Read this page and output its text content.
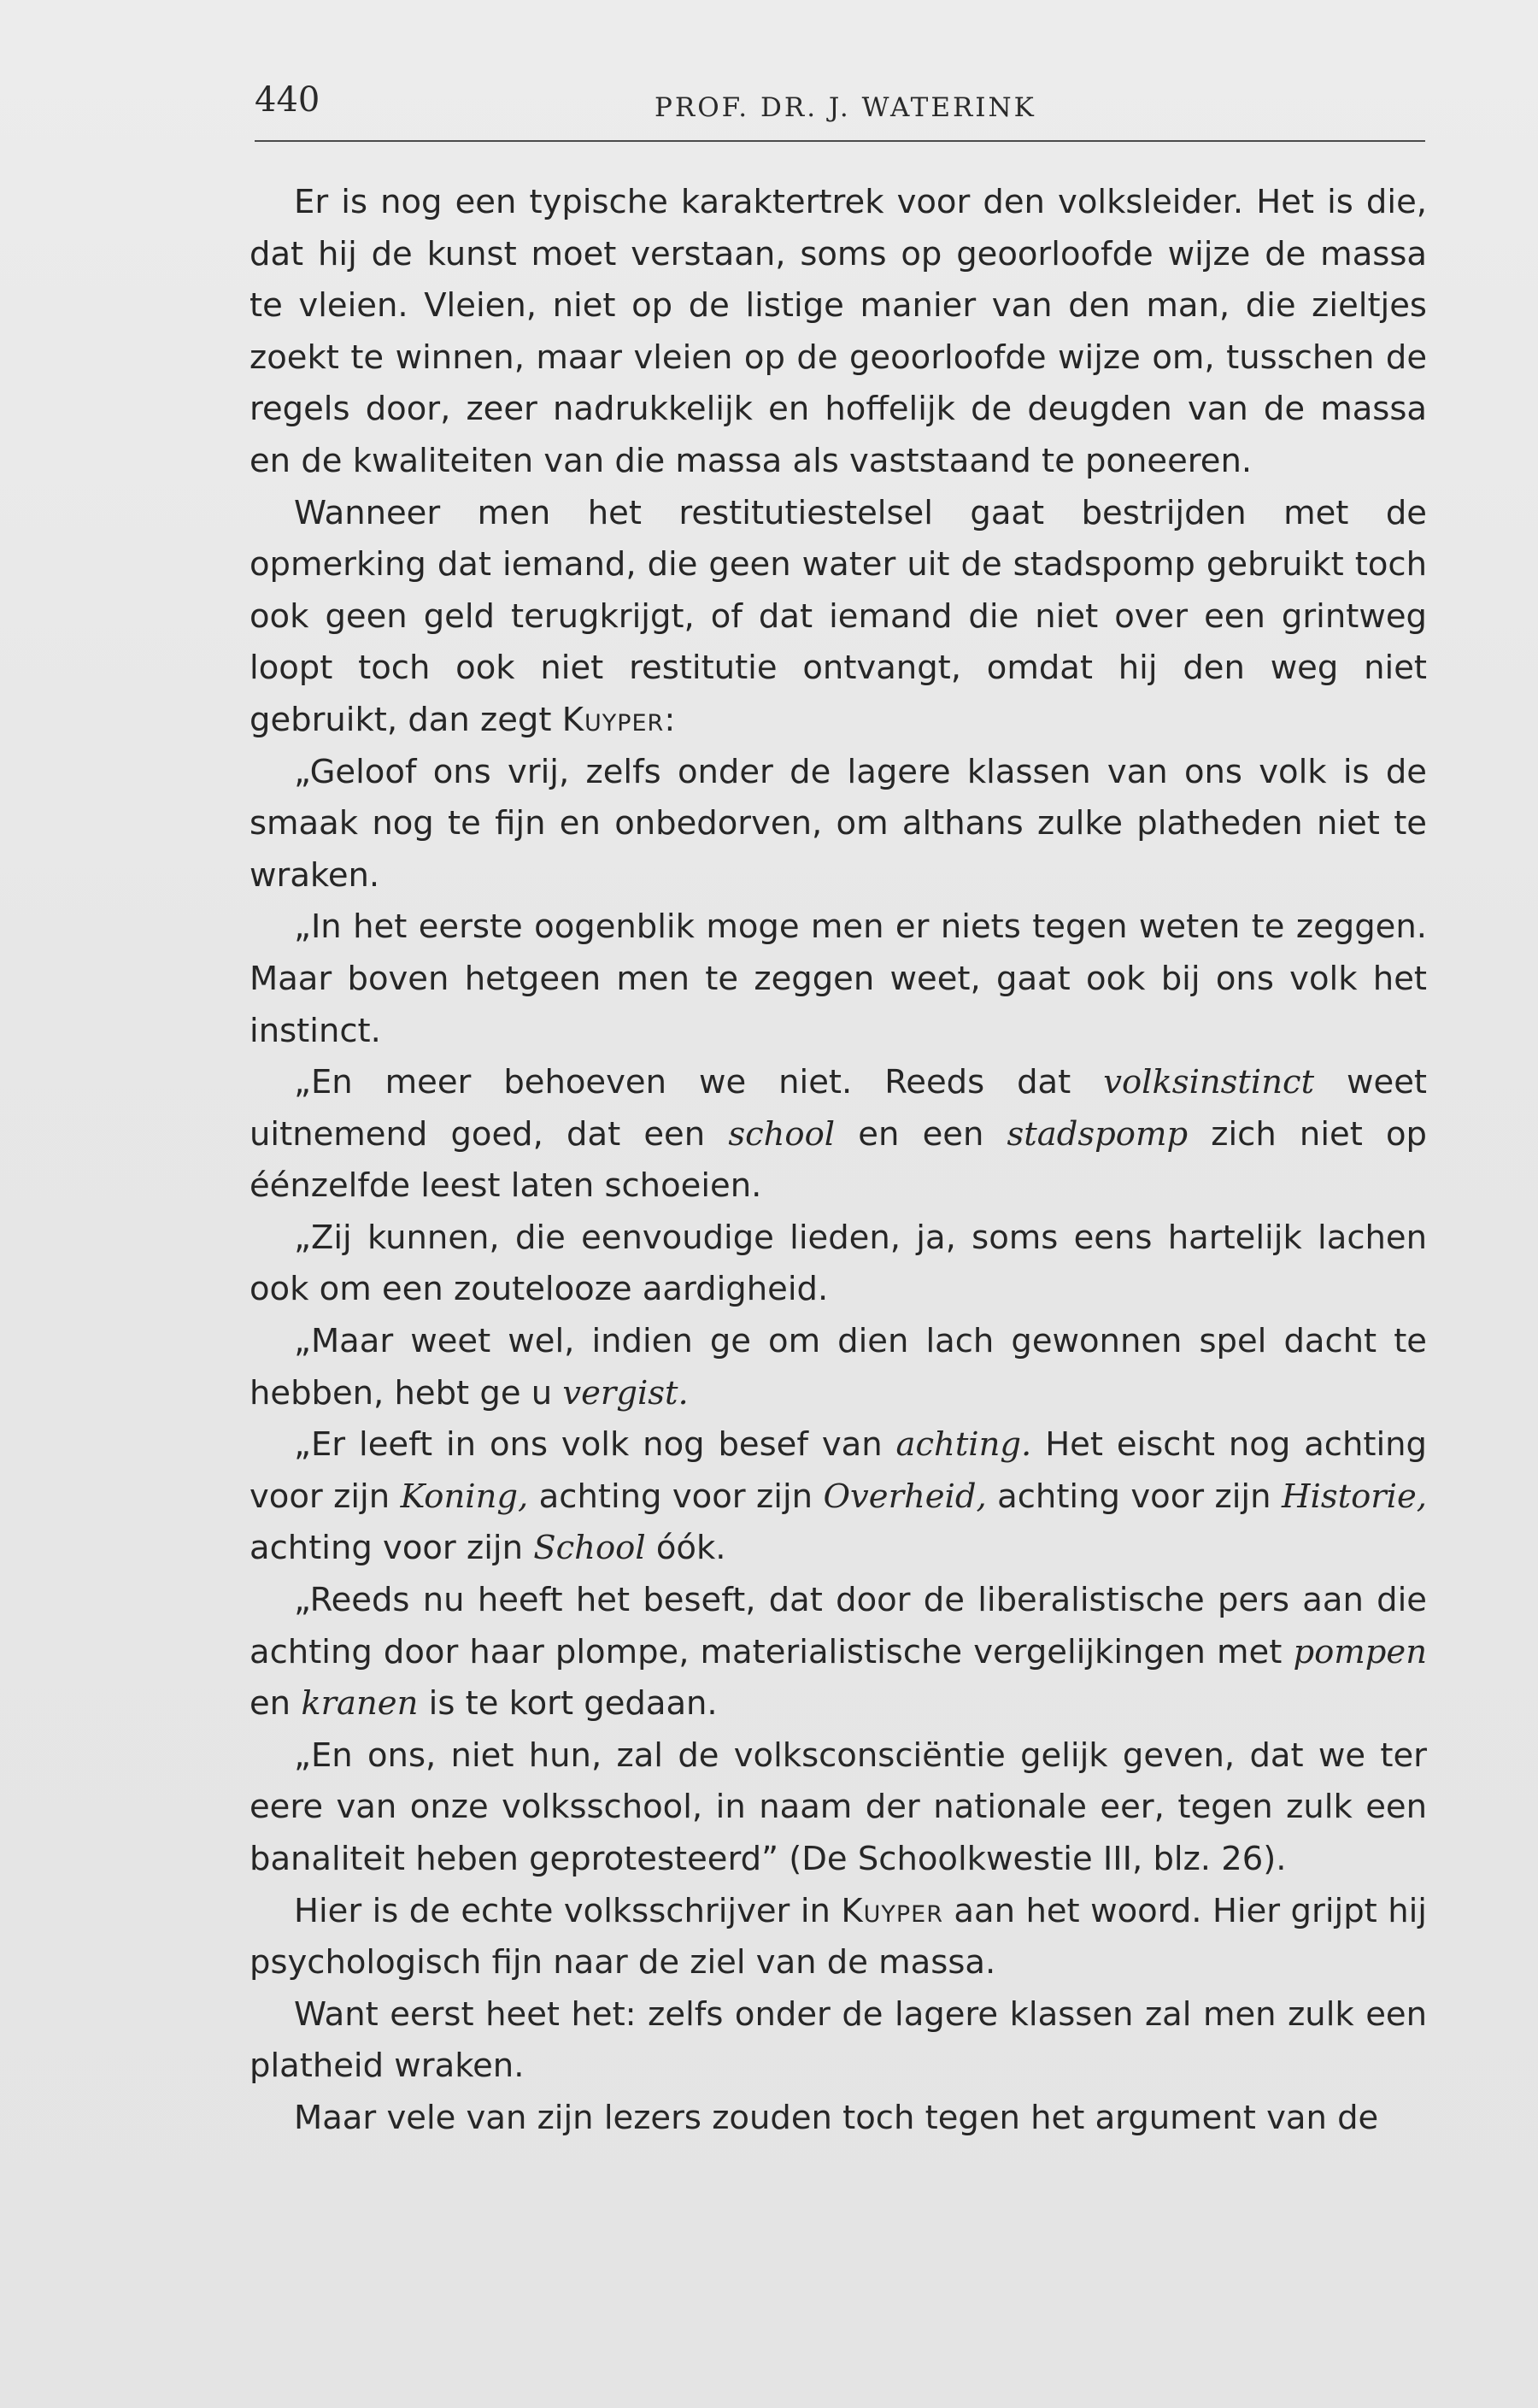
440	PROF. DR. J. WATERINK

Er is nog een typische karaktertrek voor den volksleider. Het is die, dat hij de kunst moet verstaan, soms op geoorloofde wijze de massa te vleien. Vleien, niet op de listige manier van den man, die zieltjes zoekt te winnen, maar vleien op de geoorloofde wijze om, tusschen de regels door, zeer nadrukkelijk en hoffelijk de deugden van de massa en de kwaliteiten van die massa als vaststaand te poneeren.

Wanneer men het restitutiestelsel gaat bestrijden met de opmerking dat iemand, die geen water uit de stadspomp gebruikt toch ook geen geld terugkrijgt, of dat iemand die niet over een grintweg loopt toch ook niet restitutie ontvangt, omdat hij den weg niet gebruikt, dan zegt Kuyper:

„Geloof ons vrij, zelfs onder de lagere klassen van ons volk is de smaak nog te fijn en onbedorven, om althans zulke platheden niet te wraken.

„In het eerste oogenblik moge men er niets tegen weten te zeggen. Maar boven hetgeen men te zeggen weet, gaat ook bij ons volk het instinct.

„En meer behoeven we niet. Reeds dat volksinstinct weet uitnemend goed, dat een school en een stadspomp zich niet op éénzelfde leest laten schoeien.

„Zij kunnen, die eenvoudige lieden, ja, soms eens hartelijk lachen ook om een zoutelooze aardigheid.

„Maar weet wel, indien ge om dien lach gewonnen spel dacht te hebben, hebt ge u vergist.

„Er leeft in ons volk nog besef van achting. Het eischt nog achting voor zijn Koning, achting voor zijn Overheid, achting voor zijn Historie, achting voor zijn School óók.

„Reeds nu heeft het beseft, dat door de liberalistische pers aan die achting door haar plompe, materialistische vergelijkingen met pompen en kranen is te kort gedaan.

„En ons, niet hun, zal de volksconsciëntie gelijk geven, dat we ter eere van onze volksschool, in naam der nationale eer, tegen zulk een banaliteit heben geprotesteerd” (De Schoolkwestie III, blz. 26).

Hier is de echte volksschrijver in Kuyper aan het woord. Hier grijpt hij psychologisch fijn naar de ziel van de massa.

Want eerst heet het: zelfs onder de lagere klassen zal men zulk een platheid wraken.

Maar vele van zijn lezers zouden toch tegen het argument van de
